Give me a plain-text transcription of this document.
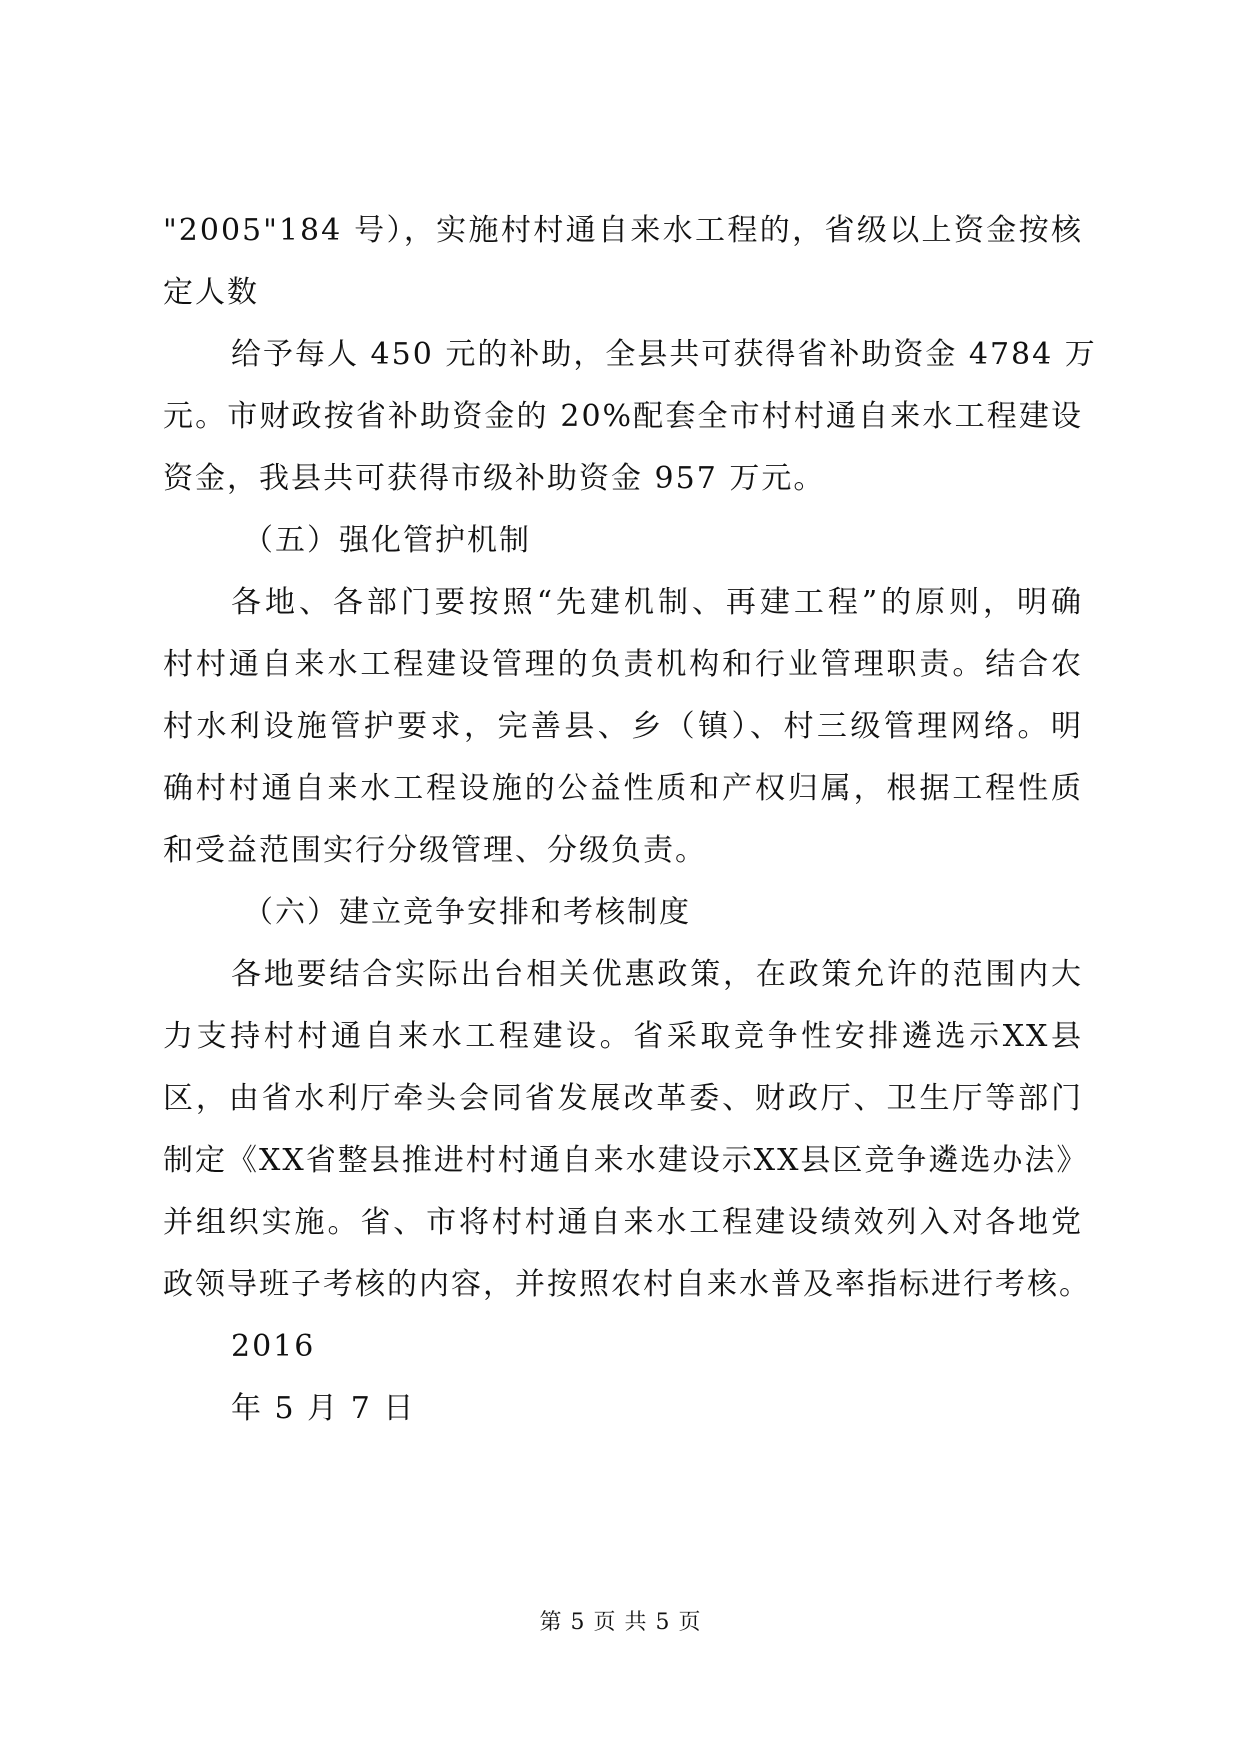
"2005"184 号），实施村村通自来水工程的，省级以上资金按核
定人数
给予每人 450 元的补助，全县共可获得省补助资金 4784 万
元。市财政按省补助资金的 20%配套全市村村通自来水工程建设
资金，我县共可获得市级补助资金 957 万元。
（五）强化管护机制
各地、各部门要按照“先建机制、再建工程”的原则，明确
村村通自来水工程建设管理的负责机构和行业管理职责。结合农
村水利设施管护要求，完善县、乡（镇）、村三级管理网络。明
确村村通自来水工程设施的公益性质和产权归属，根据工程性质
和受益范围实行分级管理、分级负责。
（六）建立竞争安排和考核制度
各地要结合实际出台相关优惠政策，在政策允许的范围内大
力支持村村通自来水工程建设。省采取竞争性安排遴选示XX县
区，由省水利厅牵头会同省发展改革委、财政厅、卫生厅等部门
制定《XX省整县推进村村通自来水建设示XX县区竞争遴选办法》
并组织实施。省、市将村村通自来水工程建设绩效列入对各地党
政领导班子考核的内容，并按照农村自来水普及率指标进行考核。
2016
年 5 月 7 日
第 5 页 共 5 页
